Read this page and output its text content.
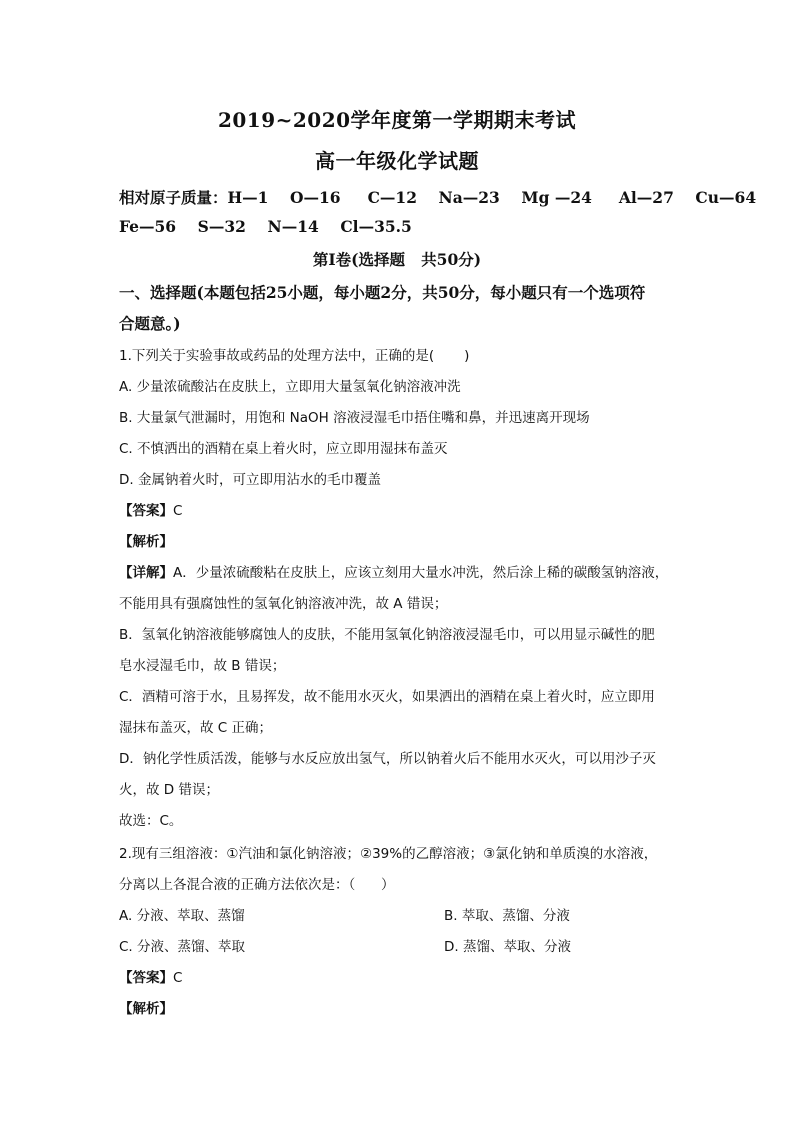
2019~2020学年度第一学期期末考试
高一年级化学试题
相对原子质量：H—1    O—16     C—12    Na—23    Mg —24     Al—27    Cu—64
Fe—56    S—32    N—14    Cl—35.5
第Ⅰ卷(选择题   共50分)
一、选择题(本题包括25小题，每小题2分，共50分，每小题只有一个选项符
合题意。)
1.下列关于实验事故或药品的处理方法中，正确的是(       )
A. 少量浓硫酸沾在皮肤上，立即用大量氢氧化钠溶液冲洗
B. 大量氯气泄漏时，用饱和 NaOH 溶液浸湿毛巾捂住嘴和鼻，并迅速离开现场
C. 不慎洒出的酒精在桌上着火时，应立即用湿抹布盖灭
D. 金属钠着火时，可立即用沾水的毛巾覆盖
【答案】C
【解析】
【详解】A．少量浓硫酸粘在皮肤上，应该立刻用大量水冲洗，然后涂上稀的碳酸氢钠溶液，
不能用具有强腐蚀性的氢氧化钠溶液冲洗，故 A 错误；
B．氢氧化钠溶液能够腐蚀人的皮肤，不能用氢氧化钠溶液浸湿毛巾，可以用显示碱性的肥
皂水浸湿毛巾，故 B 错误；
C．酒精可溶于水，且易挥发，故不能用水灭火，如果洒出的酒精在桌上着火时，应立即用
湿抹布盖灭，故 C 正确；
D．钠化学性质活泼，能够与水反应放出氢气，所以钠着火后不能用水灭火，可以用沙子灭
火，故 D 错误；
故选：C。
2.现有三组溶液：①汽油和氯化钠溶液；②39%的乙醇溶液；③氯化钠和单质溴的水溶液，
分离以上各混合液的正确方法依次是：（      ）
A. 分液、萃取、蒸馏	B. 萃取、蒸馏、分液
C. 分液、蒸馏、萃取	D. 蒸馏、萃取、分液
【答案】C
【解析】
